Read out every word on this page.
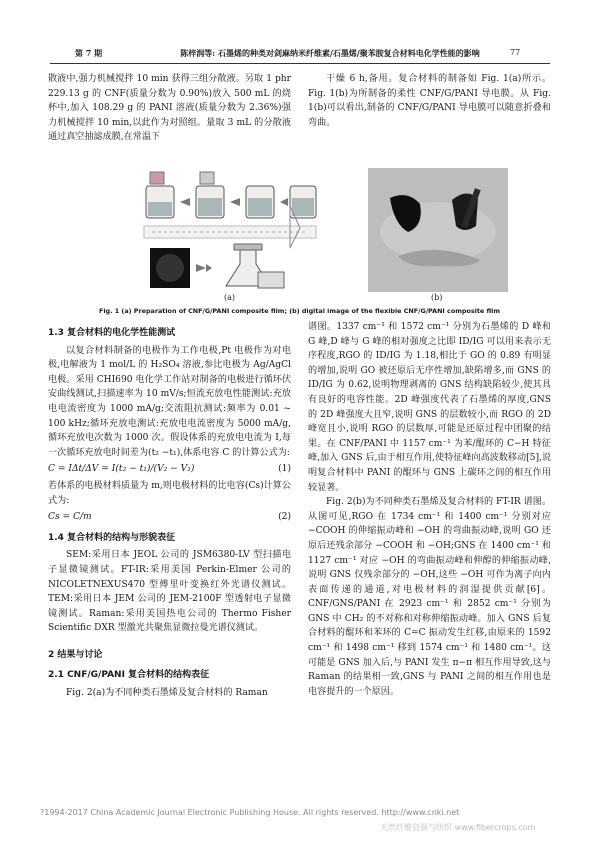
第 7 期	陈梓润等: 石墨烯的种类对剑麻纳米纤维素/石墨烯/聚苯胺复合材料电化学性能的影响	77

散液中,强力机械搅拌 10 min 获得三组分散液。另取 1 phr 229.13 g 的 CNF(质量分数为 0.90%)放入 500 mL 的烧杯中,加入 108.29 g 的 PANI 溶液(质量分数为 2.36%)强力机械搅拌 10 min,以此作为对照组。量取 3 mL 的分散液通过真空抽滤成膜,在常温下

干燥 6 h,备用。复合材料的制备如 Fig. 1(a)所示。Fig. 1(b)为所制备的柔性 CNF/G/PANI 导电膜。从 Fig. 1(b)可以看出,制备的 CNF/G/PANI 导电膜可以随意折叠和弯曲。

(a)	(b)
Fig. 1 (a) Preparation of CNF/G/PANI composite film; (b) digital image of the flexible CNF/G/PANI composite film

1.3 复合材料的电化学性能测试

以复合材料制备的电极作为工作电极,Pt 电极作为对电极,电解液为 1 mol/L 的 H₂SO₄ 溶液,参比电极为 Ag/AgCl 电极。采用 CHI690 电化学工作站对制备的电极进行循环伏安曲线测试,扫描速率为 10 mV/s;恒流充放电性能测试:充放电电流密度为 1000 mA/g;交流阻抗测试:频率为 0.01 ~ 100 kHz;循环充放电测试:充放电电流密度为 5000 mA/g,循环充放电次数为 1000 次。假设体系的充放电电流为 I,每一次循环充放电时间差为(t₂ −t₁),体系电容 C 的计算公式为:

C = IΔt/ΔV = I(t₂ − t₁)/(V₂ − V₁)	(1)

若体系的电极材料质量为 m,则电极材料的比电容(Cs)计算公式为:

Cs = C/m	(2)

1.4 复合材料的结构与形貌表征

SEM:采用日本 JEOL 公司的 JSM6380-LV 型扫描电子显微镜测试。FT-IR:采用美国 Perkin-Elmer 公司的 NICOLETNEXUS470 型傅里叶变换红外光谱仪测试。TEM:采用日本 JEM 公司的 JEM-2100F 型透射电子显微镜测试。Raman:采用美国热电公司的 Thermo Fisher Scientific DXR 型激光共聚焦显微拉曼光谱仪测试。

2 结果与讨论

2.1 CNF/G/PANI 复合材料的结构表征

Fig. 2(a)为不同种类石墨烯及复合材料的 Raman

谱图。1337 cm⁻¹ 和 1572 cm⁻¹ 分别为石墨烯的 D 峰和 G 峰,D 峰与 G 峰的相对强度之比即 ID/IG 可以用来表示无序程度,RGO 的 ID/IG 为 1.18,相比于 GO 的 0.89 有明显的增加,说明 GO 被还原后无序性增加,缺陷增多,而 GNS 的 ID/IG 为 0.62,说明物理剥离的 GNS 结构缺陷较少,使其具有良好的电容性能。2D 峰强度代表了石墨烯的厚度,GNS 的 2D 峰强度大且窄,说明 GNS 的层数较小,而 RGO 的 2D 峰宽且小,说明 RGO 的层数厚,可能是还原过程中团聚的结果。在 CNF/PANI 中 1157 cm⁻¹ 为苯/醌环的 C−H 特征峰,加入 GNS 后,由于相互作用,使特征峰向高波数移动[5],说明复合材料中 PANI 的醌环与 GNS 上碳环之间的相互作用较显著。

Fig. 2(b)为不同种类石墨烯及复合材料的 FT-IR 谱图。从图可见,RGO 在 1734 cm⁻¹ 和 1400 cm⁻¹ 分别对应 −COOH 的伸缩振动峰和 −OH 的弯曲振动峰,说明 GO 还原后还残余部分 −COOH 和 −OH;GNS 在 1400 cm⁻¹ 和 1127 cm⁻¹ 对应 −OH 的弯曲振动峰和伸醇的伸缩振动峰,说明 GNS 仅残余部分的 −OH,这些 −OH 可作为离子向内表面传递的通道,对电极材料的润湿提供贡献[6]。CNF/GNS/PANI 在 2923 cm⁻¹ 和 2852 cm⁻¹ 分别为 GNS 中 CH₂ 的不对称和对称伸缩振动峰。加入 GNS 后复合材料的醌环和苯环的 C=C 振动发生红移,由原来的 1592 cm⁻¹ 和 1498 cm⁻¹ 移到 1574 cm⁻¹ 和 1480 cm⁻¹。这可能是 GNS 加入后,与 PANI 发生 π−π 相互作用导致,这与 Raman 的结果相一致,GNS 与 PANI 之间的相互作用也是电容提升的一个原因。

?1994-2017 China Academic Journal Electronic Publishing House. All rights reserved. http://www.cnki.net
天然纤维资源与纺织 www.fibercrops.com
